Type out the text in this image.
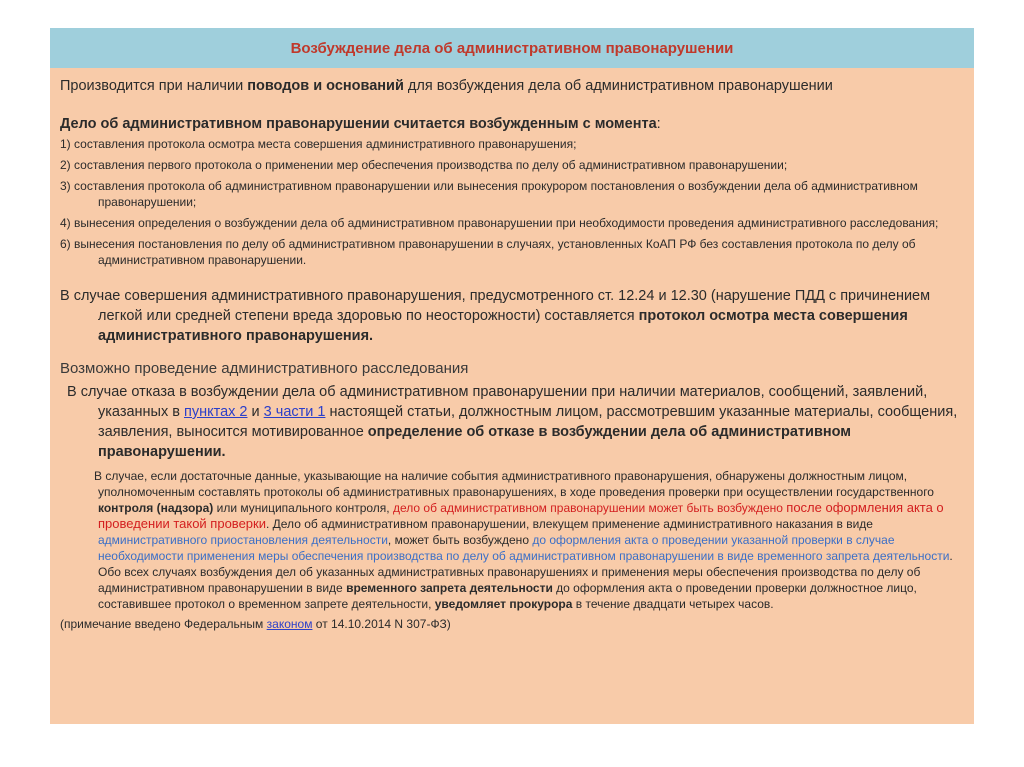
Возбуждение дела об административном правонарушении

Производится при наличии поводов и оснований для возбуждения дела об административном правонарушении

Дело об административном правонарушении считается возбужденным с момента:

1) составления протокола осмотра места совершения административного правонарушения;
2) составления первого протокола о применении мер обеспечения производства по делу об административном правонарушении;
3) составления протокола об административном правонарушении или вынесения прокурором постановления о возбуждении дела об административном правонарушении;
4) вынесения определения о возбуждении дела об административном правонарушении при необходимости проведения административного расследования;
6) вынесения постановления по делу об административном правонарушении в случаях, установленных КоАП РФ без составления протокола по делу об административном правонарушении.

В случае совершения административного правонарушения, предусмотренного ст. 12.24 и 12.30 (нарушение ПДД с причинением легкой или средней степени вреда здоровью по неосторожности) составляется протокол осмотра места совершения административного правонарушения.

Возможно проведение административного расследования

В случае отказа в возбуждении дела об административном правонарушении при наличии материалов, сообщений, заявлений, указанных в пунктах 2 и 3 части 1 настоящей статьи, должностным лицом, рассмотревшим указанные материалы, сообщения, заявления, выносится мотивированное определение об отказе в возбуждении дела об административном правонарушении.

В случае, если достаточные данные, указывающие на наличие события административного правонарушения, обнаружены должностным лицом, уполномоченным составлять протоколы об административных правонарушениях, в ходе проведения проверки при осуществлении государственного контроля (надзора) или муниципального контроля, дело об административном правонарушении может быть возбуждено после оформления акта о проведении такой проверки. Дело об административном правонарушении, влекущем применение административного наказания в виде административного приостановления деятельности, может быть возбуждено до оформления акта о проведении указанной проверки в случае необходимости применения меры обеспечения производства по делу об административном правонарушении в виде временного запрета деятельности. Обо всех случаях возбуждения дел об указанных административных правонарушениях и применения меры обеспечения производства по делу об административном правонарушении в виде временного запрета деятельности до оформления акта о проведении проверки должностное лицо, составившее протокол о временном запрете деятельности, уведомляет прокурора в течение двадцати четырех часов.

(примечание введено Федеральным законом от 14.10.2014 N 307-ФЗ)
